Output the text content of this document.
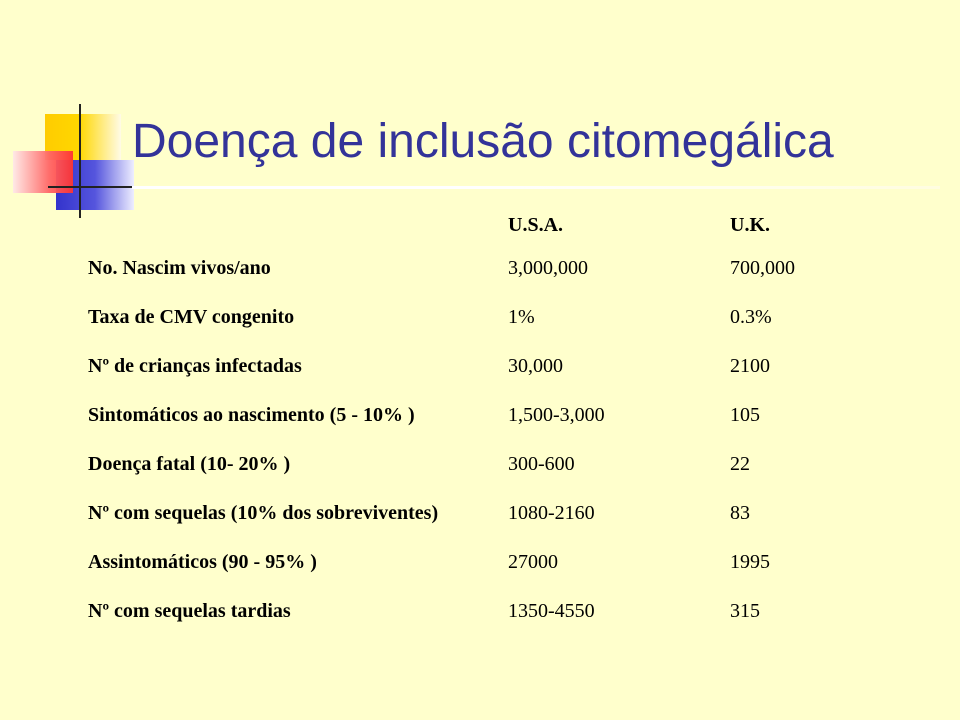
Doença de inclusão citomegálica
	U.S.A.	U.K.
No. Nascim vivos/ano	3,000,000	700,000
Taxa de CMV congenito	1%	0.3%
Nº de crianças infectadas	30,000	2100
Sintomáticos ao nascimento (5 - 10% )	1,500-3,000	105
Doença fatal (10- 20% )	300-600	22
Nº com sequelas (10% dos sobreviventes)	1080-2160	83
Assintomáticos (90 - 95% )	27000	1995
Nº com sequelas tardias	1350-4550	315
